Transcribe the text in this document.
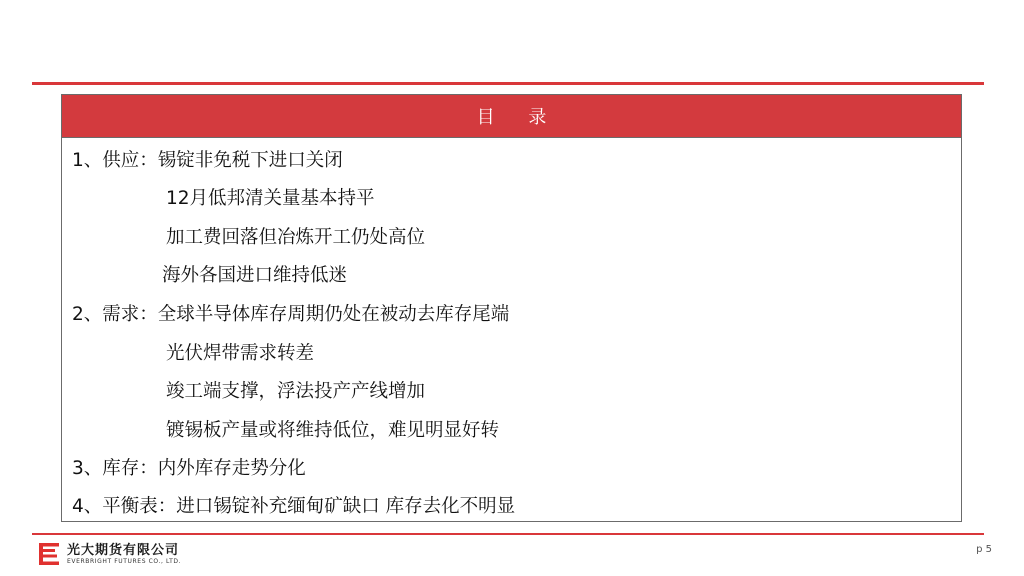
目 录
1、供应：锡锭非免税下进口关闭
12月低邦清关量基本持平
加工费回落但冶炼开工仍处高位
海外各国进口维持低迷
2、需求：全球半导体库存周期仍处在被动去库存尾端
光伏焊带需求转差
竣工端支撑，浮法投产产线增加
镀锡板产量或将维持低位，难见明显好转
3、库存：内外库存走势分化
4、平衡表：进口锡锭补充缅甸矿缺口 库存去化不明显
光大期货有限公司
EVERBRIGHT FUTURES CO., LTD.
p 5
